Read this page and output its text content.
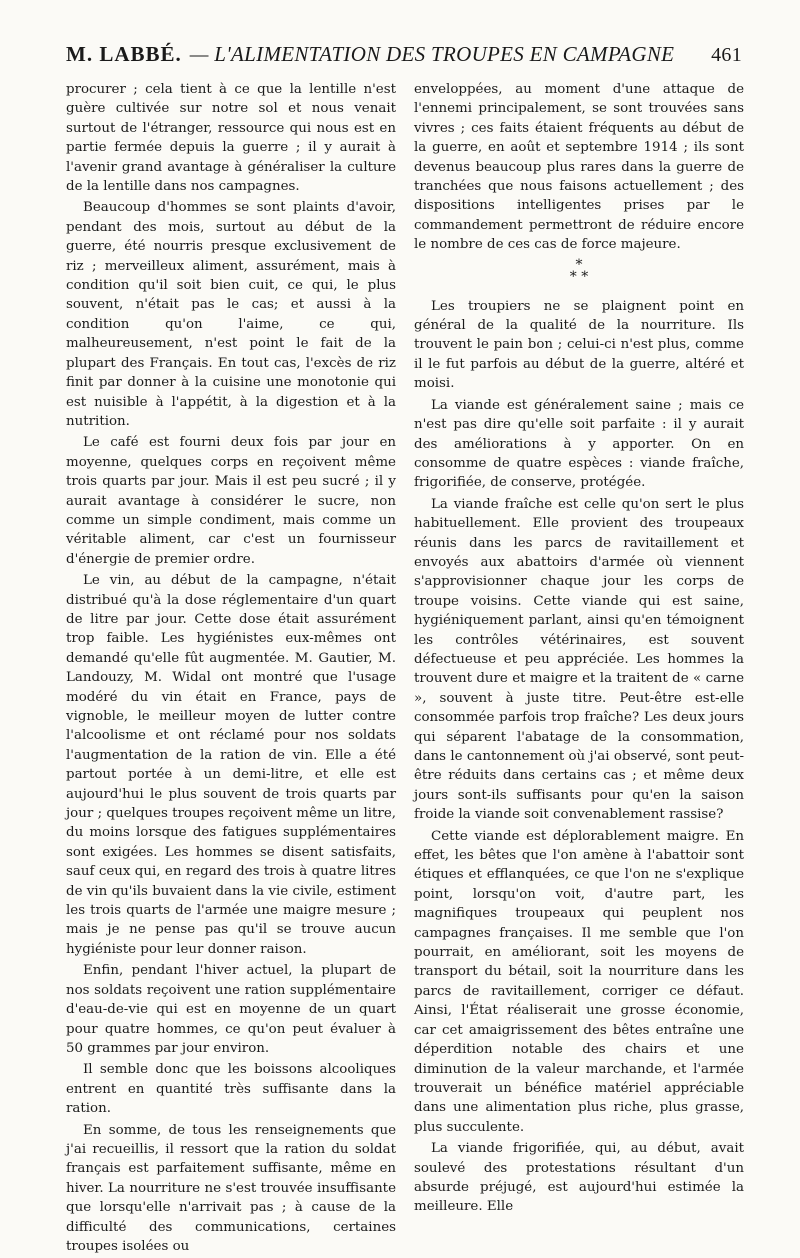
M. LABBÉ. — L'ALIMENTATION DES TROUPES EN CAMPAGNE	461

procurer ; cela tient à ce que la lentille n'est guère cultivée sur notre sol et nous venait surtout de l'étranger, ressource qui nous est en partie fermée depuis la guerre ; il y aurait à l'avenir grand avantage à généraliser la culture de la lentille dans nos campagnes.

Beaucoup d'hommes se sont plaints d'avoir, pendant des mois, surtout au début de la guerre, été nourris presque exclusivement de riz ; merveilleux aliment, assurément, mais à condition qu'il soit bien cuit, ce qui, le plus souvent, n'était pas le cas; et aussi à la condition qu'on l'aime, ce qui, malheureusement, n'est point le fait de la plupart des Français. En tout cas, l'excès de riz finit par donner à la cuisine une monotonie qui est nuisible à l'appétit, à la digestion et à la nutrition.

Le café est fourni deux fois par jour en moyenne, quelques corps en reçoivent même trois quarts par jour. Mais il est peu sucré ; il y aurait avantage à considérer le sucre, non comme un simple condiment, mais comme un véritable aliment, car c'est un fournisseur d'énergie de premier ordre.

Le vin, au début de la campagne, n'était distribué qu'à la dose réglementaire d'un quart de litre par jour. Cette dose était assurément trop faible. Les hygiénistes eux-mêmes ont demandé qu'elle fût augmentée. M. Gautier, M. Landouzy, M. Widal ont montré que l'usage modéré du vin était en France, pays de vignoble, le meilleur moyen de lutter contre l'alcoolisme et ont réclamé pour nos soldats l'augmentation de la ration de vin. Elle a été partout portée à un demi-litre, et elle est aujourd'hui le plus souvent de trois quarts par jour ; quelques troupes reçoivent même un litre, du moins lorsque des fatigues supplémentaires sont exigées. Les hommes se disent satisfaits, sauf ceux qui, en regard des trois à quatre litres de vin qu'ils buvaient dans la vie civile, estiment les trois quarts de l'armée une maigre mesure ; mais je ne pense pas qu'il se trouve aucun hygiéniste pour leur donner raison.

Enfin, pendant l'hiver actuel, la plupart de nos soldats reçoivent une ration supplémentaire d'eau-de-vie qui est en moyenne de un quart pour quatre hommes, ce qu'on peut évaluer à 50 grammes par jour environ.

Il semble donc que les boissons alcooliques entrent en quantité très suffisante dans la ration.

En somme, de tous les renseignements que j'ai recueillis, il ressort que la ration du soldat français est parfaitement suffisante, même en hiver. La nourriture ne s'est trouvée insuffisante que lorsqu'elle n'arrivait pas ; à cause de la difficulté des communications, certaines troupes isolées ou

enveloppées, au moment d'une attaque de l'ennemi principalement, se sont trouvées sans vivres ; ces faits étaient fréquents au début de la guerre, en août et septembre 1914 ; ils sont devenus beaucoup plus rares dans la guerre de tranchées que nous faisons actuellement ; des dispositions intelligentes prises par le commandement permettront de réduire encore le nombre de ces cas de force majeure.

*
* *

Les troupiers ne se plaignent point en général de la qualité de la nourriture. Ils trouvent le pain bon ; celui-ci n'est plus, comme il le fut parfois au début de la guerre, altéré et moisi.

La viande est généralement saine ; mais ce n'est pas dire qu'elle soit parfaite : il y aurait des améliorations à y apporter. On en consomme de quatre espèces : viande fraîche, frigorifiée, de conserve, protégée.

La viande fraîche est celle qu'on sert le plus habituellement. Elle provient des troupeaux réunis dans les parcs de ravitaillement et envoyés aux abattoirs d'armée où viennent s'approvisionner chaque jour les corps de troupe voisins. Cette viande qui est saine, hygiéniquement parlant, ainsi qu'en témoignent les contrôles vétérinaires, est souvent défectueuse et peu appréciée. Les hommes la trouvent dure et maigre et la traitent de « carne », souvent à juste titre. Peut-être est-elle consommée parfois trop fraîche? Les deux jours qui séparent l'abatage de la consommation, dans le cantonnement où j'ai observé, sont peut-être réduits dans certains cas ; et même deux jours sont-ils suffisants pour qu'en la saison froide la viande soit convenablement rassise?

Cette viande est déplorablement maigre. En effet, les bêtes que l'on amène à l'abattoir sont étiques et efflanquées, ce que l'on ne s'explique point, lorsqu'on voit, d'autre part, les magnifiques troupeaux qui peuplent nos campagnes françaises. Il me semble que l'on pourrait, en améliorant, soit les moyens de transport du bétail, soit la nourriture dans les parcs de ravitaillement, corriger ce défaut. Ainsi, l'État réaliserait une grosse économie, car cet amaigrissement des bêtes entraîne une déperdition notable des chairs et une diminution de la valeur marchande, et l'armée trouverait un bénéfice matériel appréciable dans une alimentation plus riche, plus grasse, plus succulente.

La viande frigorifiée, qui, au début, avait soulevé des protestations résultant d'un absurde préjugé, est aujourd'hui estimée la meilleure. Elle
